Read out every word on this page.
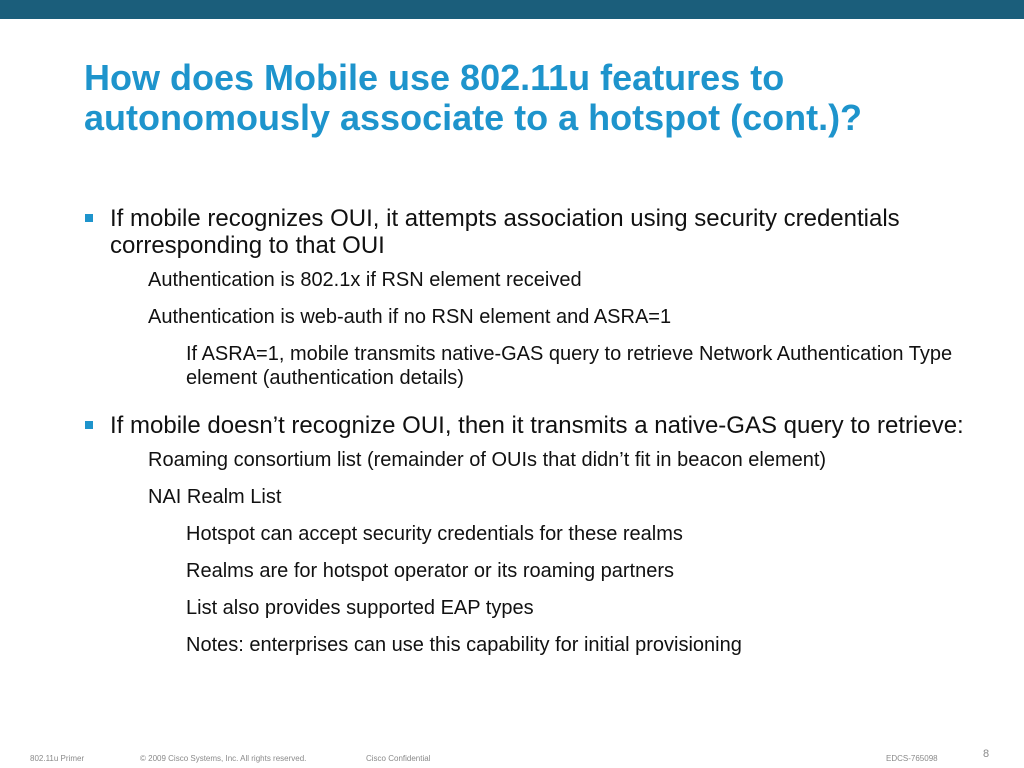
How does Mobile use 802.11u features to autonomously associate to a hotspot (cont.)?
If mobile recognizes OUI, it attempts association using security credentials corresponding to that OUI
Authentication is 802.1x if RSN element received
Authentication is web-auth if no RSN element and ASRA=1
If ASRA=1, mobile transmits native-GAS query to retrieve Network Authentication Type element (authentication details)
If mobile doesn’t recognize OUI, then it transmits a native-GAS query to retrieve:
Roaming consortium list (remainder of OUIs that didn’t fit in beacon element)
NAI Realm List
Hotspot can accept security credentials for these realms
Realms are for hotspot operator or its roaming partners
List also provides supported EAP types
Notes: enterprises can use this capability for initial provisioning
802.11u Primer	© 2009 Cisco Systems, Inc. All rights reserved.	Cisco Confidential	EDCS-765098	8
